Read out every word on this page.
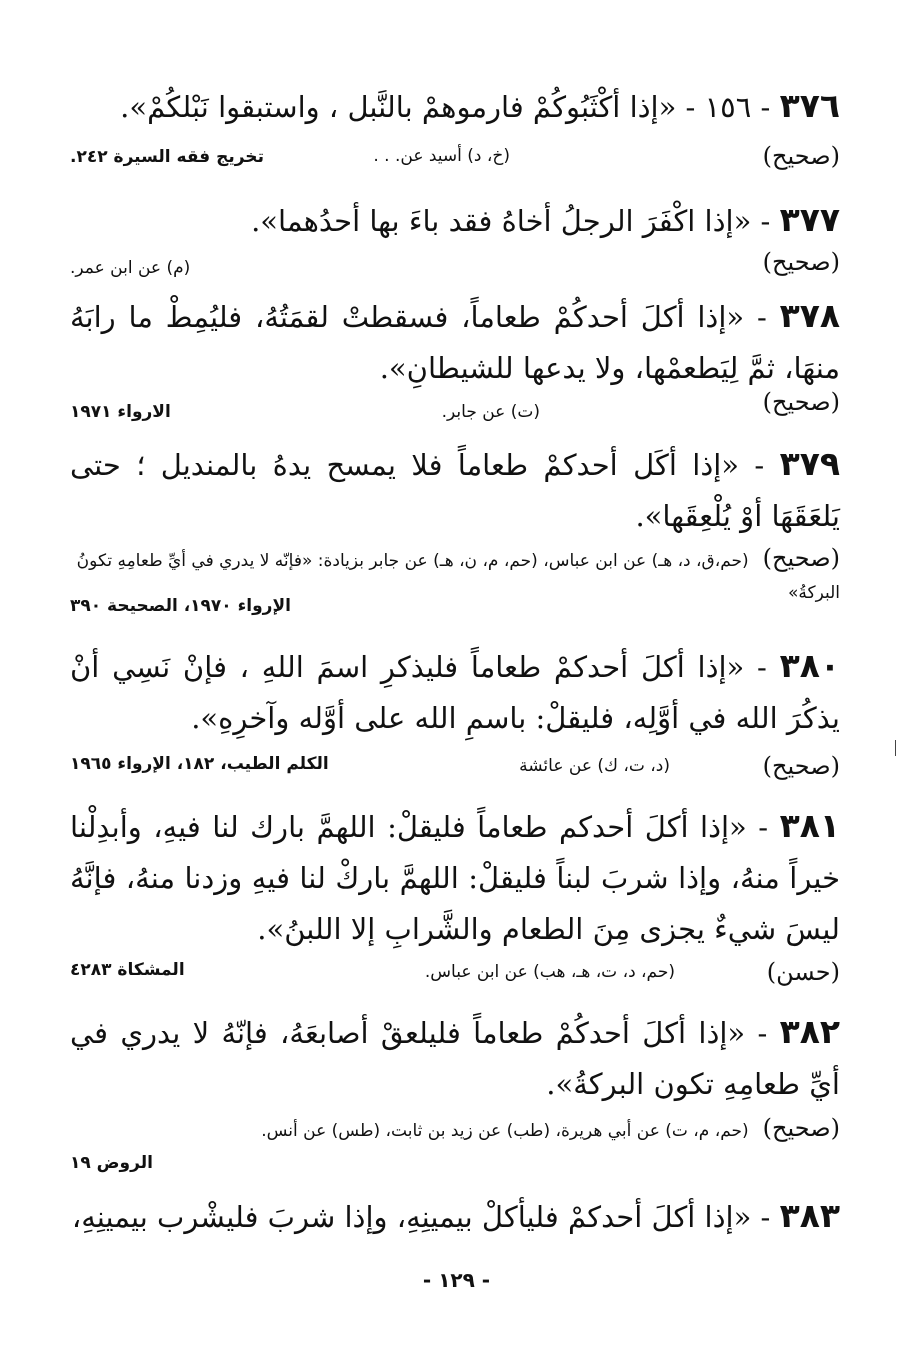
٣٧٦ - ١٥٦ - «إذا أكْثَبُوكُمْ فارموهمْ بالنَّبل ، واستبقوا نَبْلكُمْ».
(صحيح)
(خ، د) أسيد عن. . .
تخريج فقه السيرة ٢٤٢.
٣٧٧ - «إذا اكْفَرَ الرجلُ أخاهُ فقد باءَ بها أحدُهما».
(صحيح)
(م) عن ابن عمر.
٣٧٨ - «إذا أكلَ أحدكُمْ طعاماً، فسقطتْ لقمَتُهُ، فليُمِطْ ما رابَهُ منهَا، ثمَّ لِيَطعمْها، ولا يدعها للشيطانِ».
(صحيح)
(ت) عن جابر.
الارواء ١٩٧١
٣٧٩ - «إذا أكَل أحدكمْ طعاماً فلا يمسح يدهُ بالمنديل ؛ حتى يَلعَقَهَا أوْ يُلْعِقَها».
(صحيح)(حم،ق، د، هـ) عن ابن عباس، (حم، م، ن، هـ) عن جابر بزيادة: «فإنّه لا يدري في أيِّ طعامِهِ تكونُ البركةُ»
الإرواء ١٩٧٠، الصحيحة ٣٩٠
٣٨٠ - «إذا أكلَ أحدكمْ طعاماً فليذكرِ اسمَ اللهِ ، فإنْ نَسِي أنْ يذكُرَ الله في أوَّلِه، فليقلْ: باسمِ الله على أوَّله وآخرِهِ».
(صحيح)
(د، ت، ك) عن عائشة
الكلم الطيب، ١٨٢، الإرواء ١٩٦٥
٣٨١ - «إذا أكلَ أحدكم طعاماً فليقلْ: اللهمَّ بارك لنا فيهِ، وأبدِلْنا خيراً منهُ، وإذا شربَ لبناً فليقلْ: اللهمَّ باركْ لنا فيهِ وزدنا منهُ، فإنَّهُ ليسَ شيءٌ يجزى مِنَ الطعام والشَّرابِ إلا اللبنُ».
(حسن)
(حم، د، ت، هـ، هب) عن ابن عباس.
المشكاة ٤٢٨٣
٣٨٢ - «إذا أكلَ أحدكُمْ طعاماً فليلعقْ أصابعَهُ، فإنّهُ لا يدري في أيِّ طعامِهِ تكون البركةُ».
(صحيح)(حم، م، ت) عن أبي هريرة، (طب) عن زيد بن ثابت، (طس) عن أنس.
الروض ١٩
٣٨٣ - «إذا أكلَ أحدكمْ فليأكلْ بيمينِهِ، وإذا شربَ فليشْرب بيمينِهِ،
- ١٢٩ -
